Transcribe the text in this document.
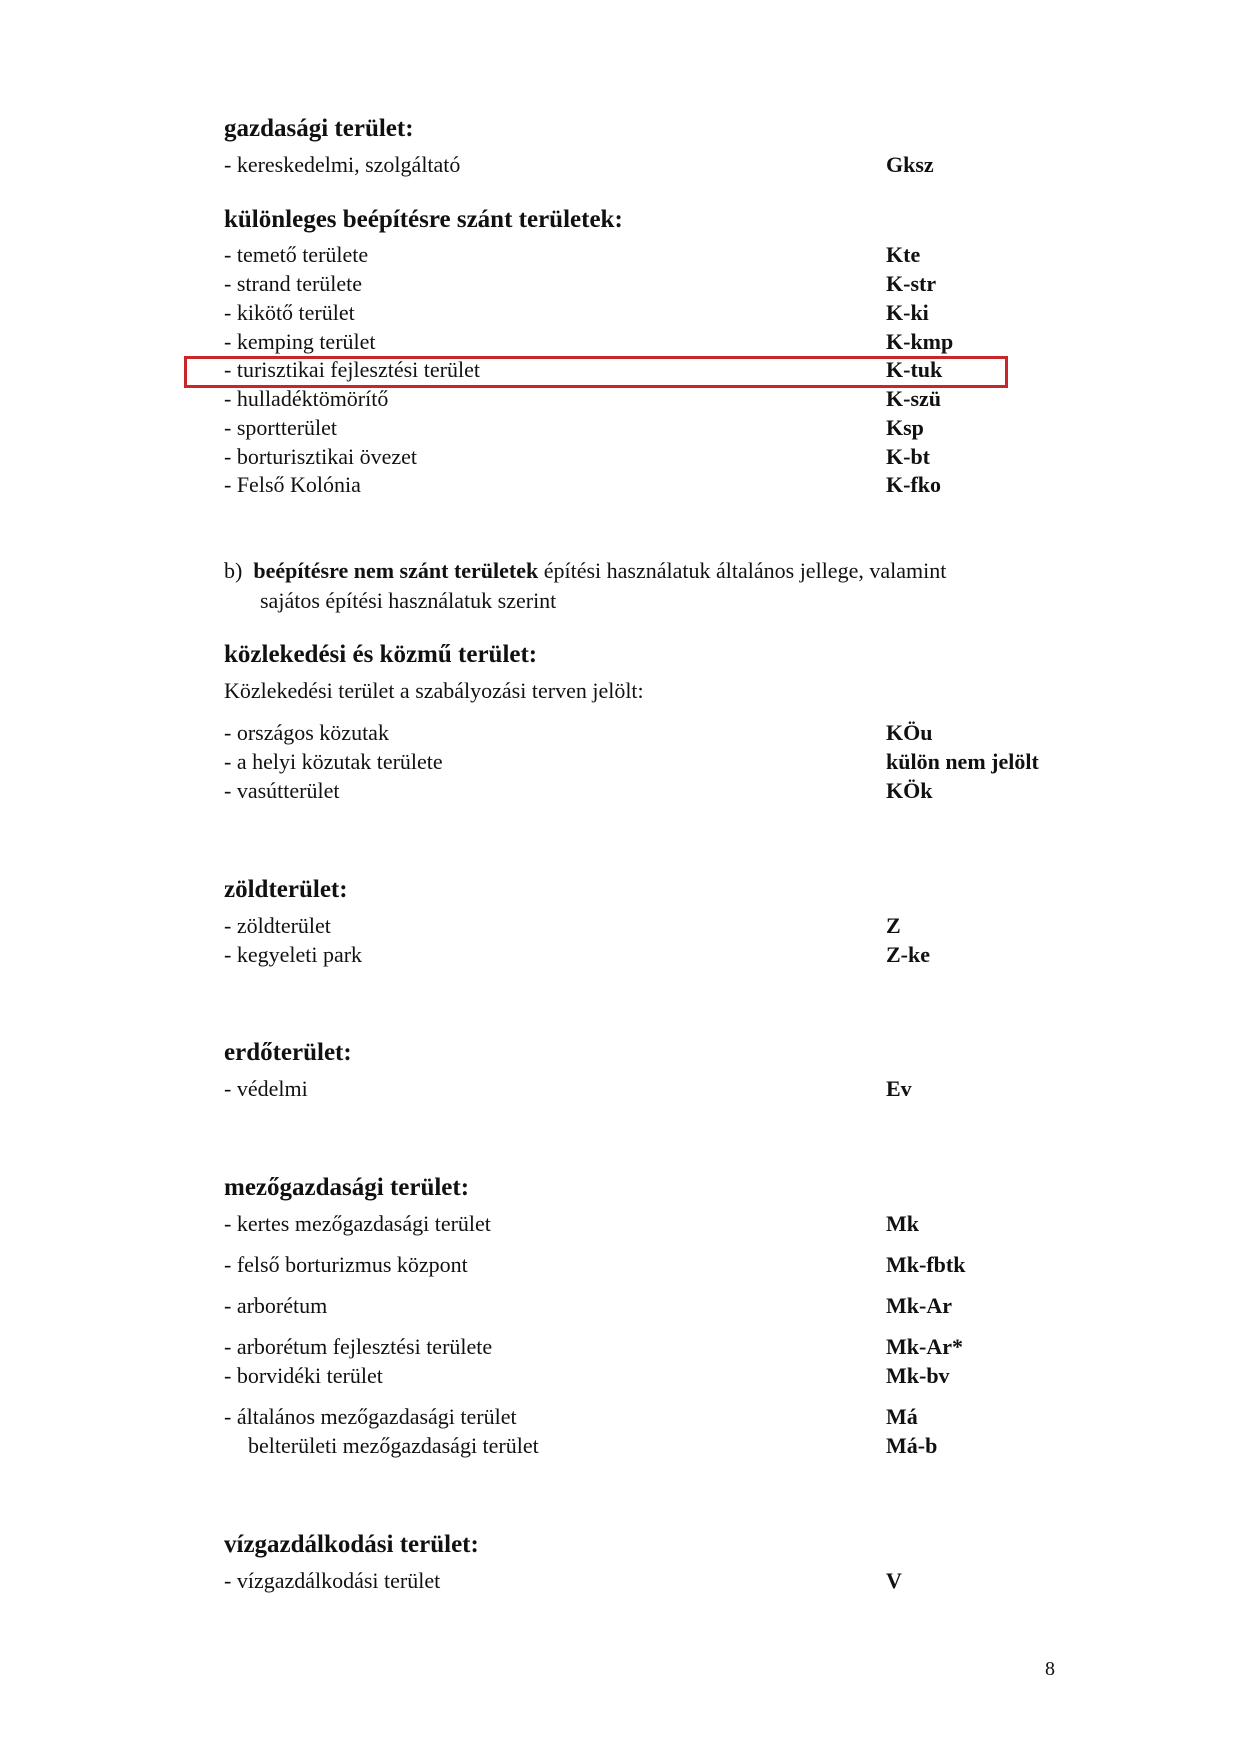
gazdasági terület:
- kereskedelmi, szolgáltató	Gksz
különleges beépítésre szánt területek:
- temető területe	Kte
- strand területe	K-str
- kikötő terület	K-ki
- kemping terület	K-kmp
- turisztikai fejlesztési terület	K-tuk
- hulladéktömörítő	K-szü
- sportterület	Ksp
- borturisztikai övezet	K-bt
- Felső Kolónia	K-fko
b) beépítésre nem szánt területek építési használatuk általános jellege, valamint
sajátos építési használatuk szerint
közlekedési és közmű terület:
Közlekedési terület a szabályozási terven jelölt:
- országos közutak	KÖu
- a helyi közutak területe	külön nem jelölt
- vasútterület	KÖk
zöldterület:
- zöldterület	Z
- kegyeleti park	Z-ke
erdőterület:
- védelmi	Ev
mezőgazdasági terület:
- kertes mezőgazdasági terület	Mk
- felső borturizmus központ	Mk-fbtk
- arborétum	Mk-Ar
- arborétum fejlesztési területe	Mk-Ar*
- borvidéki terület	Mk-bv
- általános mezőgazdasági terület	Má
belterületi mezőgazdasági terület	Má-b
vízgazdálkodási terület:
- vízgazdálkodási terület	V
8
